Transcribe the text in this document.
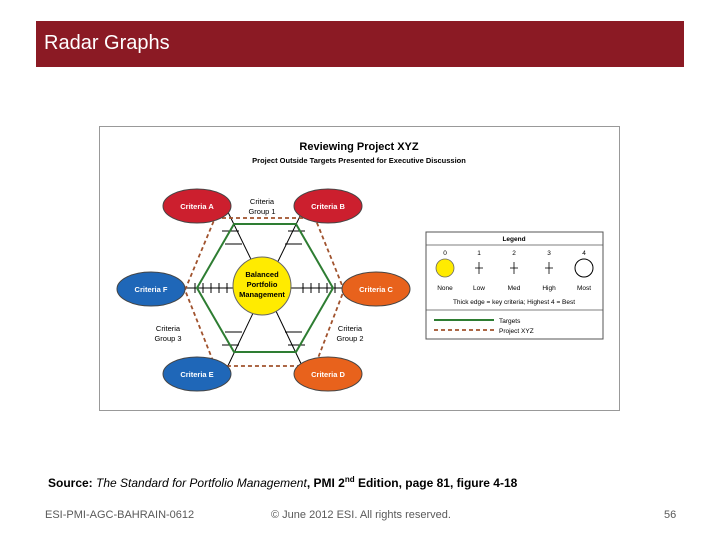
Radar Graphs
Reviewing Project XYZ
Project Outside Targets Presented for Executive Discussion
Criteria A	Criteria B
Criteria C
Criteria D
Criteria E
Criteria F
Balanced
Portfolio
Management
Criteria
Group 1
Criteria
Group 2
Criteria
Group 3
Legend
0	1	2	3	4
None	Low	Med	High	Most
Thick edge = key criteria; Highest 4 = Best
Targets
Project XYZ
Source: The Standard for Portfolio Management, PMI 2nd Edition, page 81, figure 4-18
ESI-PMI-AGC-BAHRAIN-0612	© June 2012 ESI. All rights reserved.	56
